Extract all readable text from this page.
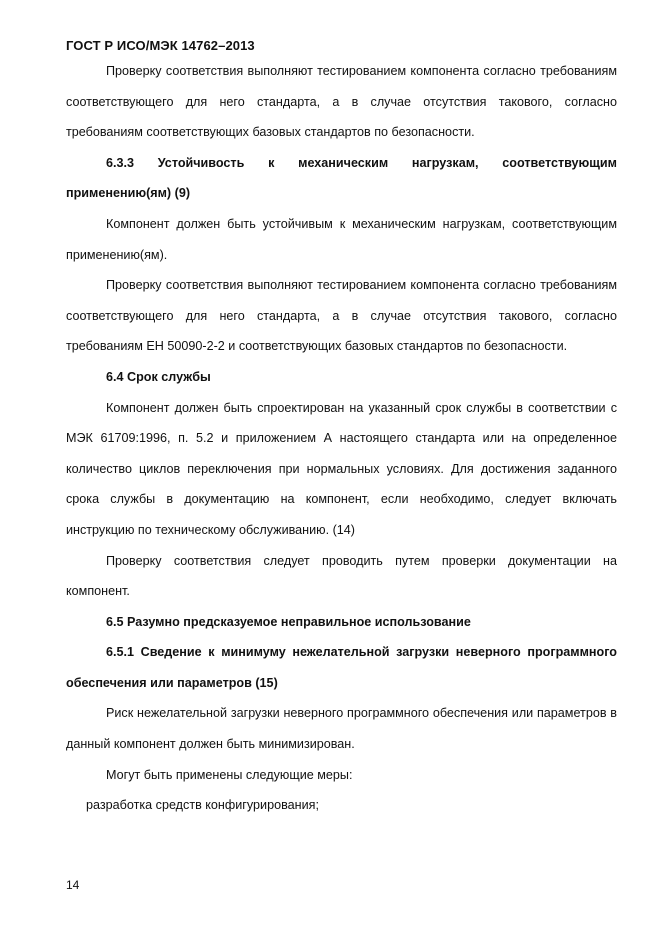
ГОСТ Р ИСО/МЭК 14762–2013

Проверку соответствия выполняют тестированием компонента согласно требованиям соответствующего для него стандарта, а в случае отсутствия такового, согласно требованиям соответствующих базовых стандартов по безопасности.

6.3.3 Устойчивость к механическим нагрузкам, соответствующим применению(ям) (9)

Компонент должен быть устойчивым к механическим нагрузкам, соответствующим применению(ям).

Проверку соответствия выполняют тестированием компонента согласно требованиям соответствующего для него стандарта, а в случае отсутствия такового, согласно требованиям ЕН 50090-2-2 и соответствующих базовых стандартов по безопасности.

6.4 Срок службы

Компонент должен быть спроектирован на указанный срок службы в соответствии с МЭК 61709:1996, п. 5.2 и приложением А настоящего стандарта или на определенное количество циклов переключения при нормальных условиях. Для достижения заданного срока службы в документацию на компонент, если необходимо, следует включать инструкцию по техническому обслуживанию. (14)

Проверку соответствия следует проводить путем проверки документации на компонент.

6.5 Разумно предсказуемое неправильное использование

6.5.1 Сведение к минимуму нежелательной загрузки неверного программного обеспечения или параметров (15)

Риск нежелательной загрузки неверного программного обеспечения или параметров в данный компонент должен быть минимизирован.

Могут быть применены следующие меры:

разработка средств конфигурирования;

14
